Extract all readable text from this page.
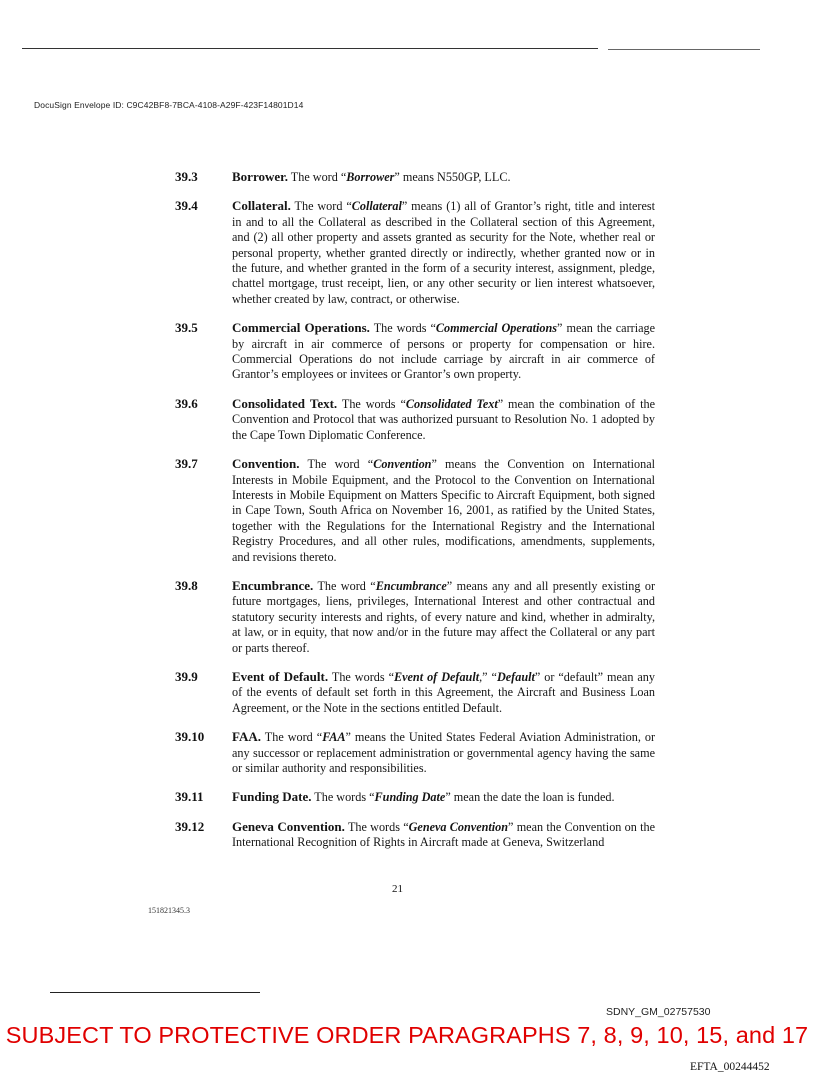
DocuSign Envelope ID: C9C42BF8-7BCA-4108-A29F-423F14801D14
39.3	Borrower. The word “Borrower” means N550GP, LLC.
39.4	Collateral. The word “Collateral” means (1) all of Grantor’s right, title and interest in and to all the Collateral as described in the Collateral section of this Agreement, and (2) all other property and assets granted as security for the Note, whether real or personal property, whether granted directly or indirectly, whether granted now or in the future, and whether granted in the form of a security interest, assignment, pledge, chattel mortgage, trust receipt, lien, or any other security or lien interest whatsoever, whether created by law, contract, or otherwise.
39.5	Commercial Operations. The words “Commercial Operations” mean the carriage by aircraft in air commerce of persons or property for compensation or hire. Commercial Operations do not include carriage by aircraft in air commerce of Grantor’s employees or invitees or Grantor’s own property.
39.6	Consolidated Text. The words “Consolidated Text” mean the combination of the Convention and Protocol that was authorized pursuant to Resolution No. 1 adopted by the Cape Town Diplomatic Conference.
39.7	Convention. The word “Convention” means the Convention on International Interests in Mobile Equipment, and the Protocol to the Convention on International Interests in Mobile Equipment on Matters Specific to Aircraft Equipment, both signed in Cape Town, South Africa on November 16, 2001, as ratified by the United States, together with the Regulations for the International Registry and the International Registry Procedures, and all other rules, modifications, amendments, supplements, and revisions thereto.
39.8	Encumbrance. The word “Encumbrance” means any and all presently existing or future mortgages, liens, privileges, International Interest and other contractual and statutory security interests and rights, of every nature and kind, whether in admiralty, at law, or in equity, that now and/or in the future may affect the Collateral or any part or parts thereof.
39.9	Event of Default. The words “Event of Default,” “Default” or “default” mean any of the events of default set forth in this Agreement, the Aircraft and Business Loan Agreement, or the Note in the sections entitled Default.
39.10 FAA. The word “FAA” means the United States Federal Aviation Administration, or any successor or replacement administration or governmental agency having the same or similar authority and responsibilities.
39.11 Funding Date. The words “Funding Date” mean the date the loan is funded.
39.12 Geneva Convention. The words “Geneva Convention” mean the Convention on the International Recognition of Rights in Aircraft made at Geneva, Switzerland
21
151821345.3
SDNY_GM_02757530
SUBJECT TO PROTECTIVE ORDER PARAGRAPHS 7, 8, 9, 10, 15, and 17
EFTA_00244452
